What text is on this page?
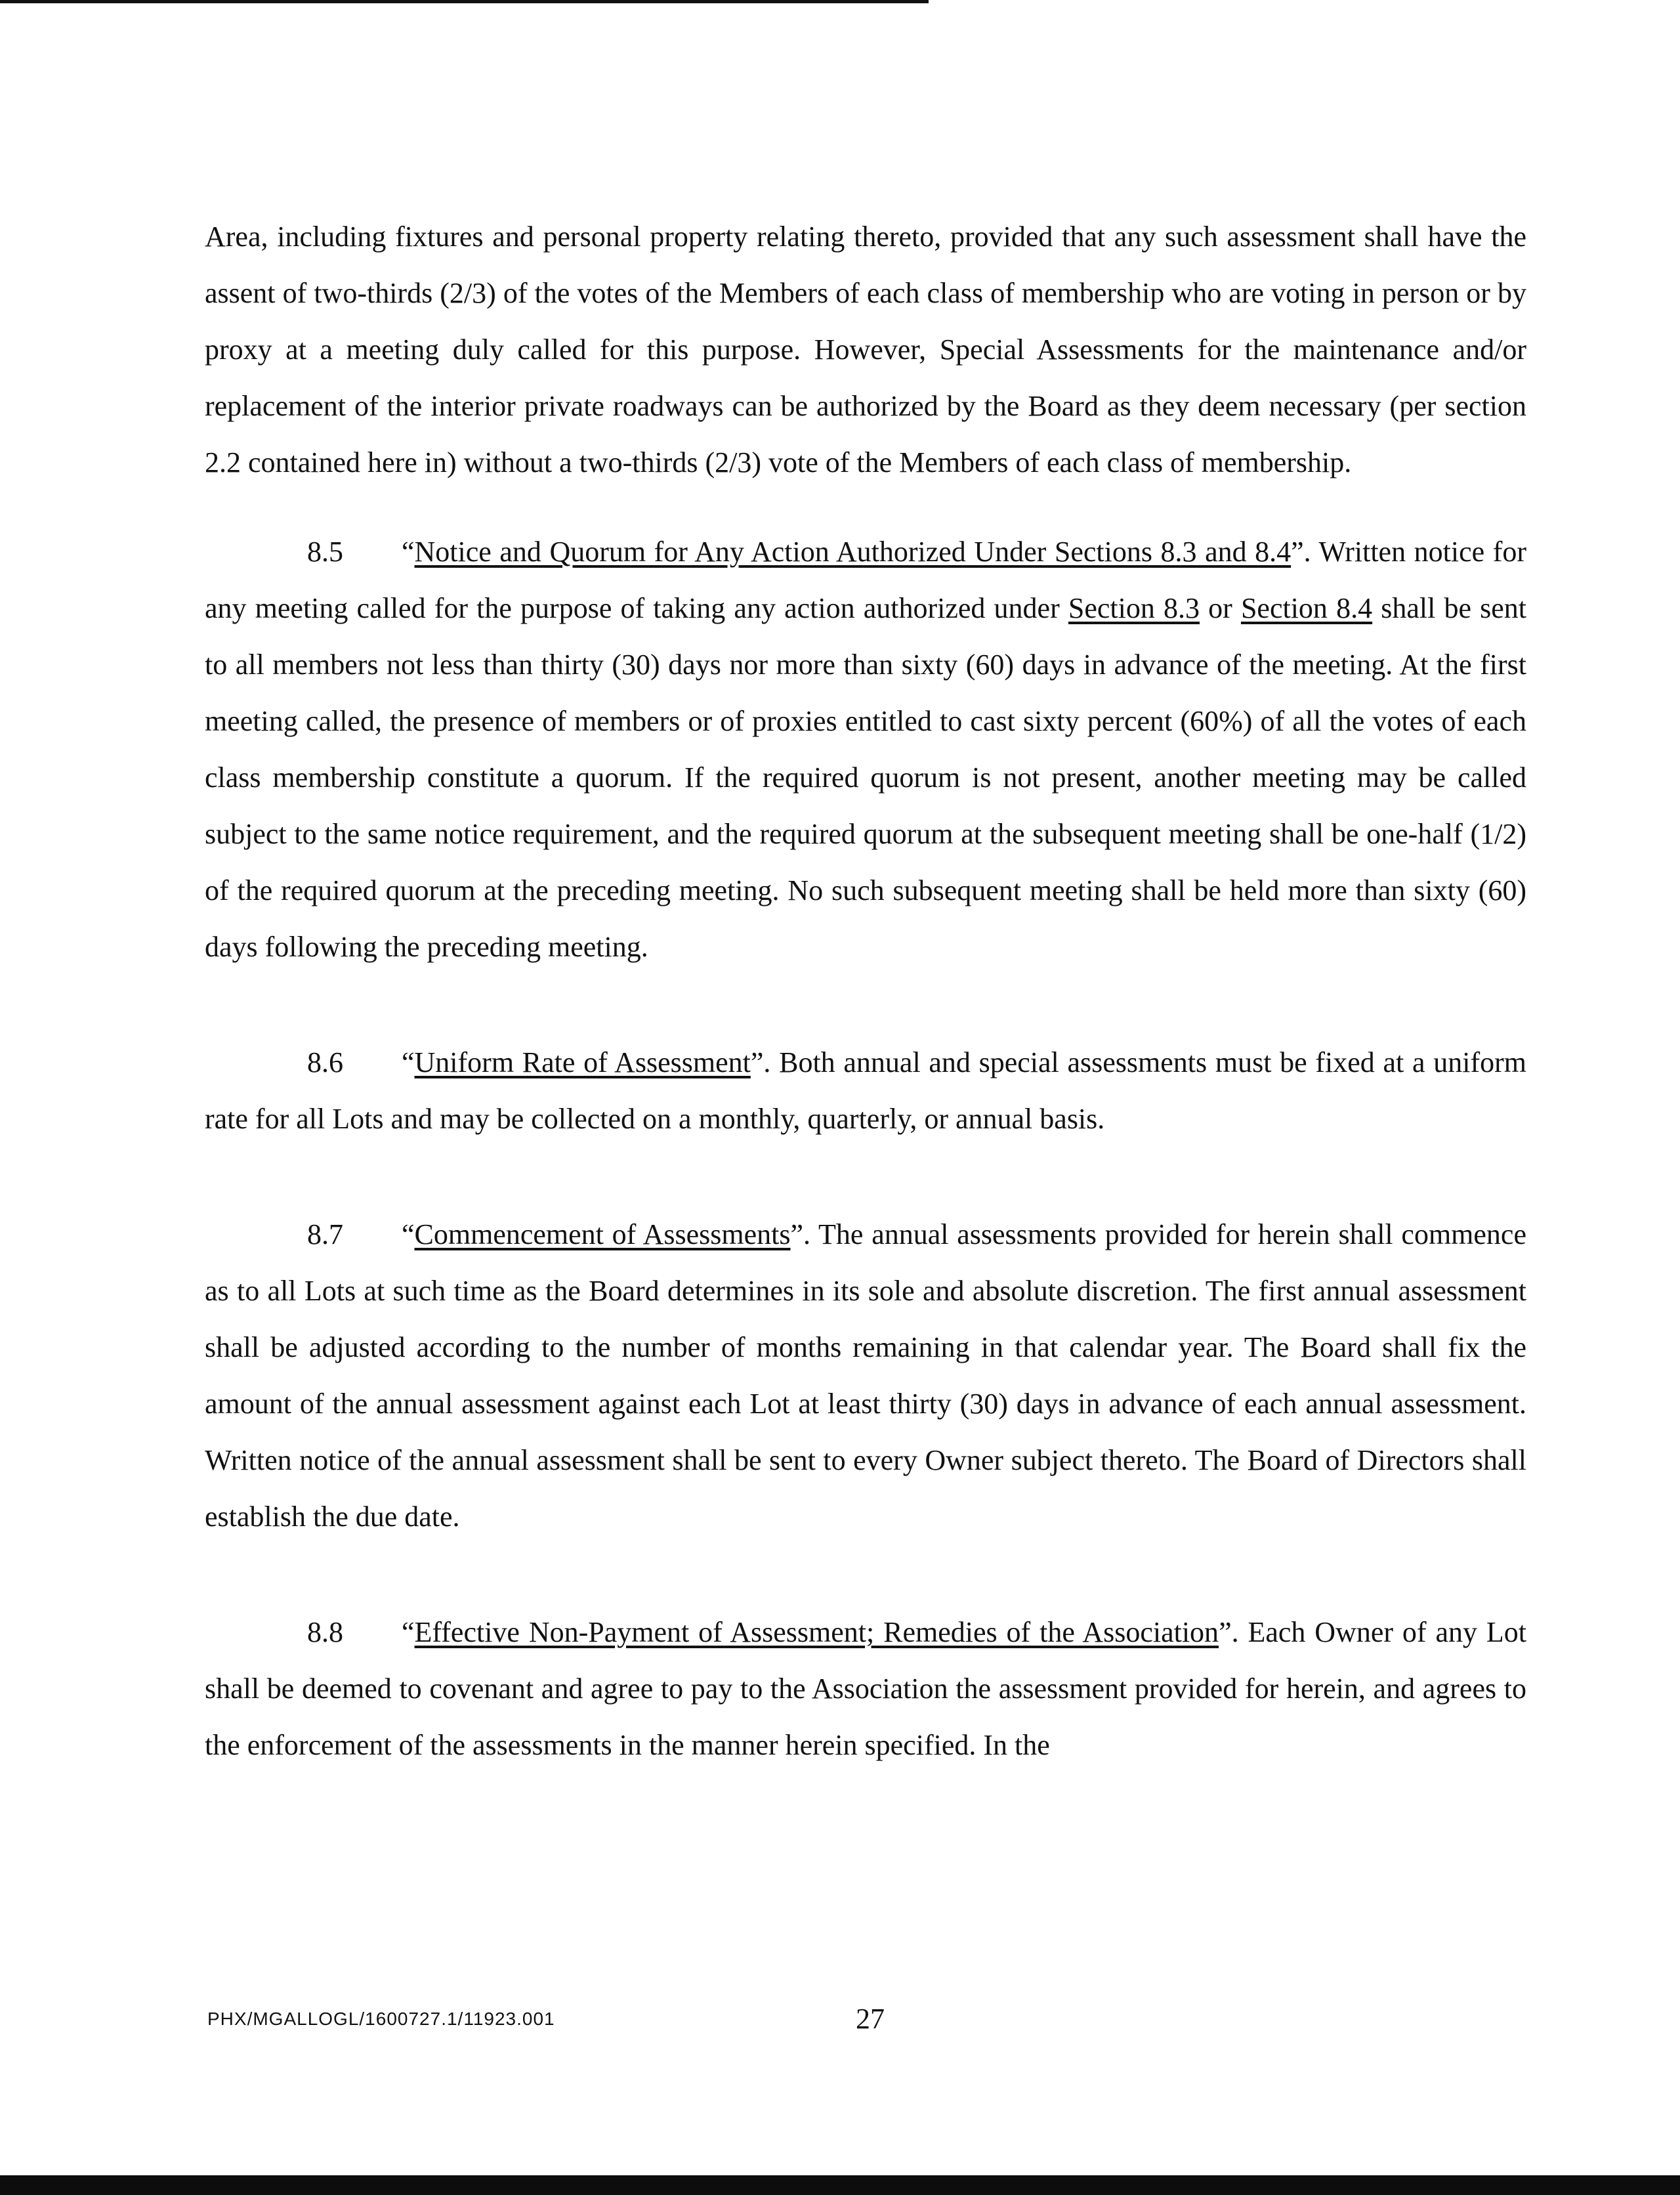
Area, including fixtures and personal property relating thereto, provided that any such assessment shall have the assent of two-thirds (2/3) of the votes of the Members of each class of membership who are voting in person or by proxy at a meeting duly called for this purpose. However, Special Assessments for the maintenance and/or replacement of the interior private roadways can be authorized by the Board as they deem necessary (per section 2.2 contained here in) without a two-thirds (2/3) vote of the Members of each class of membership.

8.5 “Notice and Quorum for Any Action Authorized Under Sections 8.3 and 8.4”. Written notice for any meeting called for the purpose of taking any action authorized under Section 8.3 or Section 8.4 shall be sent to all members not less than thirty (30) days nor more than sixty (60) days in advance of the meeting. At the first meeting called, the presence of members or of proxies entitled to cast sixty percent (60%) of all the votes of each class membership constitute a quorum. If the required quorum is not present, another meeting may be called subject to the same notice requirement, and the required quorum at the subsequent meeting shall be one-half (1/2) of the required quorum at the preceding meeting. No such subsequent meeting shall be held more than sixty (60) days following the preceding meeting.

8.6 “Uniform Rate of Assessment”. Both annual and special assessments must be fixed at a uniform rate for all Lots and may be collected on a monthly, quarterly, or annual basis.

8.7 “Commencement of Assessments”. The annual assessments provided for herein shall commence as to all Lots at such time as the Board determines in its sole and absolute discretion. The first annual assessment shall be adjusted according to the number of months remaining in that calendar year. The Board shall fix the amount of the annual assessment against each Lot at least thirty (30) days in advance of each annual assessment. Written notice of the annual assessment shall be sent to every Owner subject thereto. The Board of Directors shall establish the due date.

8.8 “Effective Non-Payment of Assessment; Remedies of the Association”. Each Owner of any Lot shall be deemed to covenant and agree to pay to the Association the assessment provided for herein, and agrees to the enforcement of the assessments in the manner herein specified. In the

PHX/MGALLOGL/1600727.1/11923.001	27
